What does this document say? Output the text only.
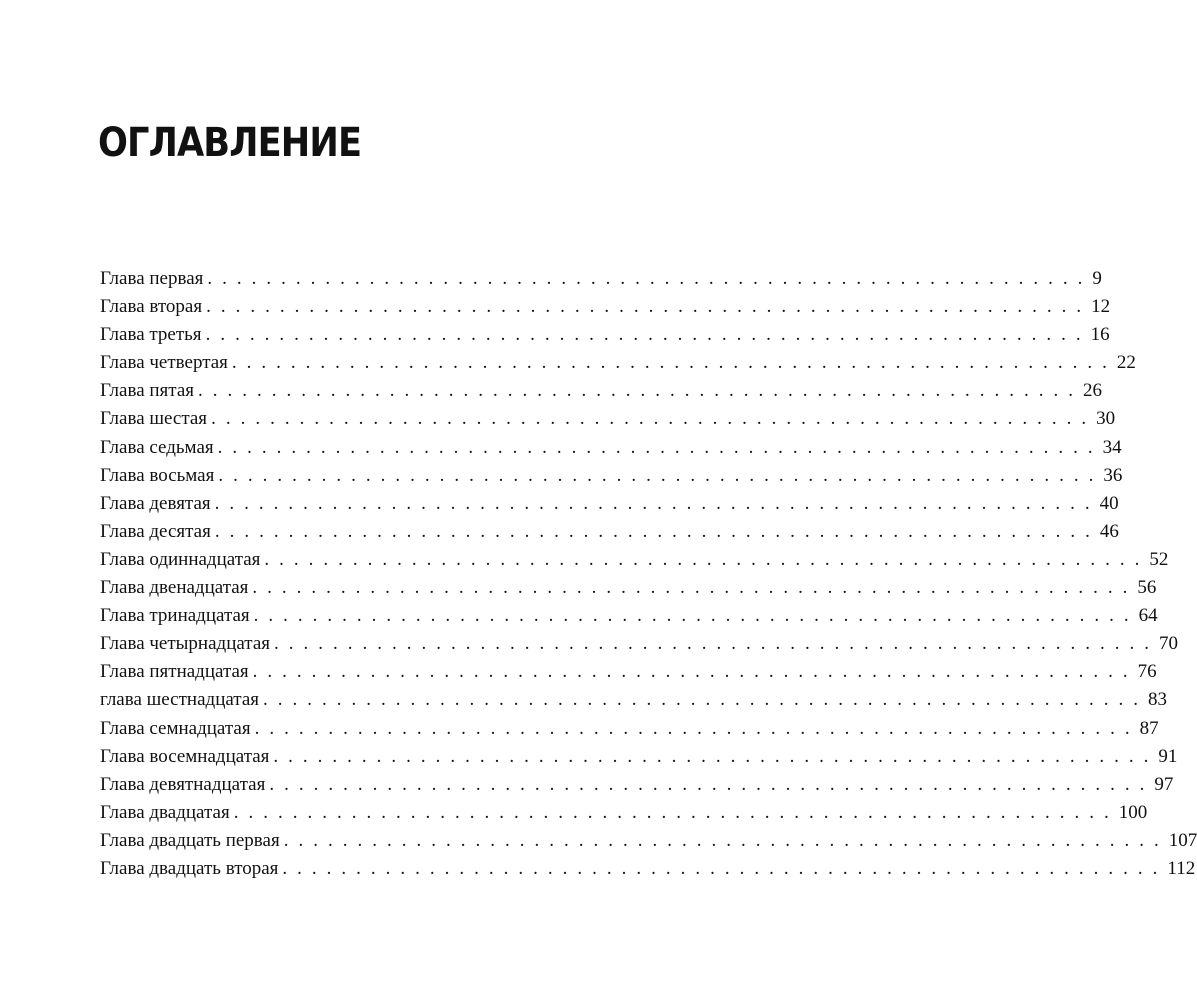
ОГЛАВЛЕНИЕ
Глава первая ............................................................ 9
Глава вторая ............................................................ 12
Глава третья ............................................................ 16
Глава четвертая ............................................................ 22
Глава пятая ............................................................ 26
Глава шестая ............................................................ 30
Глава седьмая ............................................................ 34
Глава восьмая ............................................................ 36
Глава девятая ............................................................ 40
Глава десятая ............................................................ 46
Глава одиннадцатая ............................................................ 52
Глава двенадцатая ............................................................ 56
Глава тринадцатая ............................................................ 64
Глава четырнадцатая ............................................................ 70
Глава пятнадцатая ............................................................ 76
глава шестнадцатая ............................................................ 83
Глава семнадцатая ............................................................ 87
Глава восемнадцатая ............................................................ 91
Глава девятнадцатая ............................................................ 97
Глава двадцатая ............................................................ 100
Глава двадцать первая ............................................................ 107
Глава двадцать вторая ............................................................ 112
